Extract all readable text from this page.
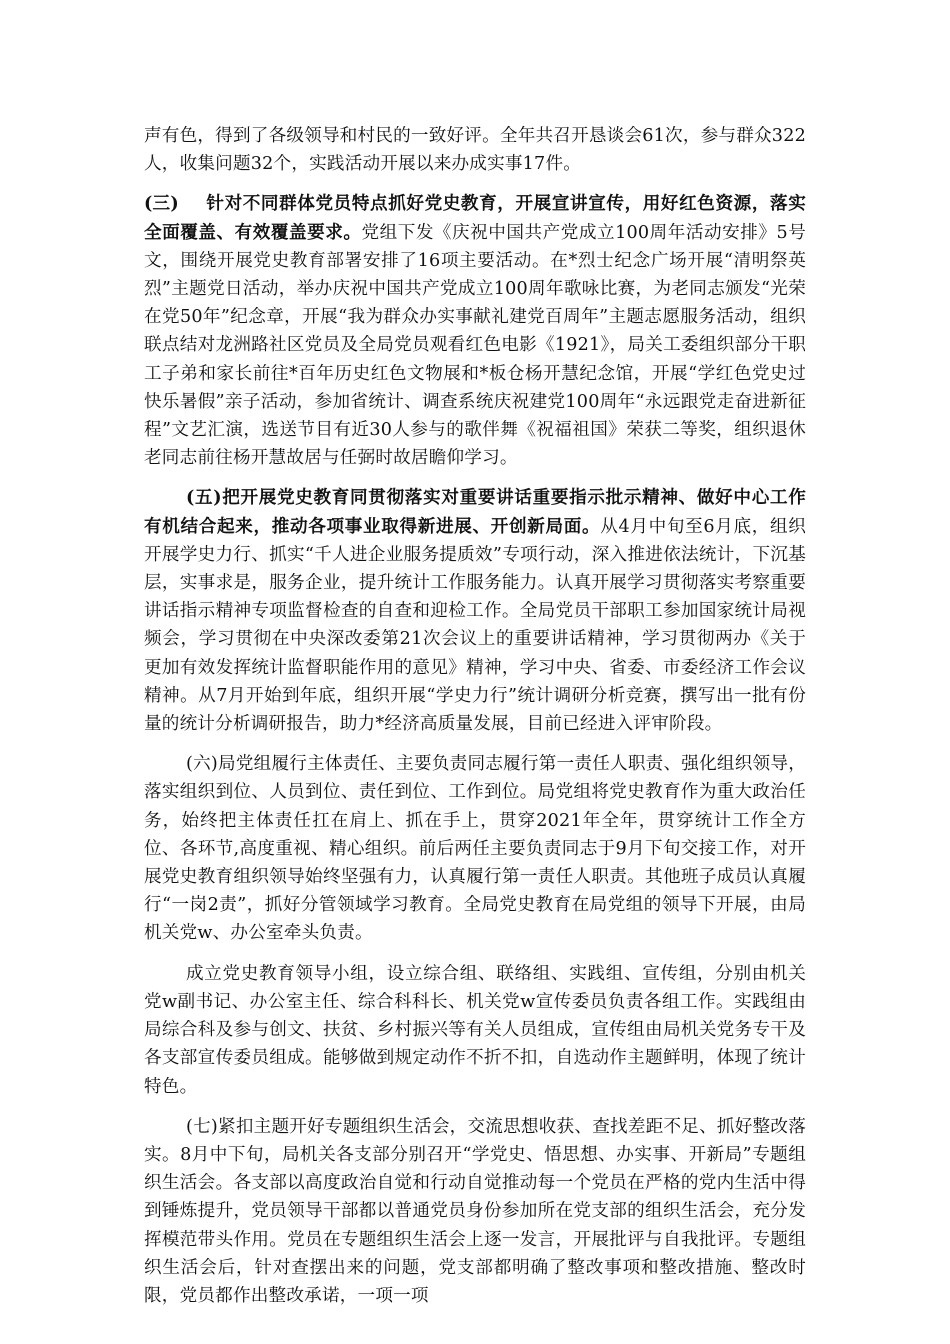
声有色，得到了各级领导和村民的一致好评。全年共召开恳谈会61次，参与群众322人，收集问题32个，实践活动开展以来办成实事17件。

(三) 针对不同群体党员特点抓好党史教育，开展宣讲宣传，用好红色资源，落实全面覆盖、有效覆盖要求。党组下发《庆祝中国共产党成立100周年活动安排》5号文，围绕开展党史教育部署安排了16项主要活动。在*烈士纪念广场开展“清明祭英烈”主题党日活动，举办庆祝中国共产党成立100周年歌咏比赛，为老同志颁发“光荣在党50年”纪念章，开展“我为群众办实事献礼建党百周年”主题志愿服务活动，组织联点结对龙洲路社区党员及全局党员观看红色电影《1921》，局关工委组织部分干职工子弟和家长前往*百年历史红色文物展和*板仓杨开慧纪念馆，开展“学红色党史过快乐暑假”亲子活动，参加省统计、调查系统庆祝建党100周年“永远跟党走奋进新征程”文艺汇演，选送节目有近30人参与的歌伴舞《祝福祖国》荣获二等奖，组织退休老同志前往杨开慧故居与任弼时故居瞻仰学习。

(五)把开展党史教育同贯彻落实对重要讲话重要指示批示精神、做好中心工作有机结合起来，推动各项事业取得新进展、开创新局面。从4月中旬至6月底，组织开展学史力行、抓实“千人进企业服务提质效”专项行动，深入推进依法统计，下沉基层，实事求是，服务企业，提升统计工作服务能力。认真开展学习贯彻落实考察重要讲话指示精神专项监督检查的自查和迎检工作。全局党员干部职工参加国家统计局视频会，学习贯彻在中央深改委第21次会议上的重要讲话精神，学习贯彻两办《关于更加有效发挥统计监督职能作用的意见》精神，学习中央、省委、市委经济工作会议精神。从7月开始到年底，组织开展“学史力行”统计调研分析竞赛，撰写出一批有份量的统计分析调研报告，助力*经济高质量发展，目前已经进入评审阶段。

(六)局党组履行主体责任、主要负责同志履行第一责任人职责、强化组织领导，落实组织到位、人员到位、责任到位、工作到位。局党组将党史教育作为重大政治任务，始终把主体责任扛在肩上、抓在手上，贯穿2021年全年，贯穿统计工作全方位、各环节,高度重视、精心组织。前后两任主要负责同志于9月下旬交接工作，对开展党史教育组织领导始终坚强有力，认真履行第一责任人职责。其他班子成员认真履行“一岗2责”，抓好分管领域学习教育。全局党史教育在局党组的领导下开展，由局机关党w、办公室牵头负责。

成立党史教育领导小组，设立综合组、联络组、实践组、宣传组，分别由机关党w副书记、办公室主任、综合科科长、机关党w宣传委员负责各组工作。实践组由局综合科及参与创文、扶贫、乡村振兴等有关人员组成，宣传组由局机关党务专干及各支部宣传委员组成。能够做到规定动作不折不扣，自选动作主题鲜明，体现了统计特色。

(七)紧扣主题开好专题组织生活会，交流思想收获、查找差距不足、抓好整改落实。8月中下旬，局机关各支部分别召开“学党史、悟思想、办实事、开新局”专题组织生活会。各支部以高度政治自觉和行动自觉推动每一个党员在严格的党内生活中得到锤炼提升，党员领导干部都以普通党员身份参加所在党支部的组织生活会，充分发挥模范带头作用。党员在专题组织生活会上逐一发言，开展批评与自我批评。专题组织生活会后，针对查摆出来的问题，党支部都明确了整改事项和整改措施、整改时限，党员都作出整改承诺，一项一项
